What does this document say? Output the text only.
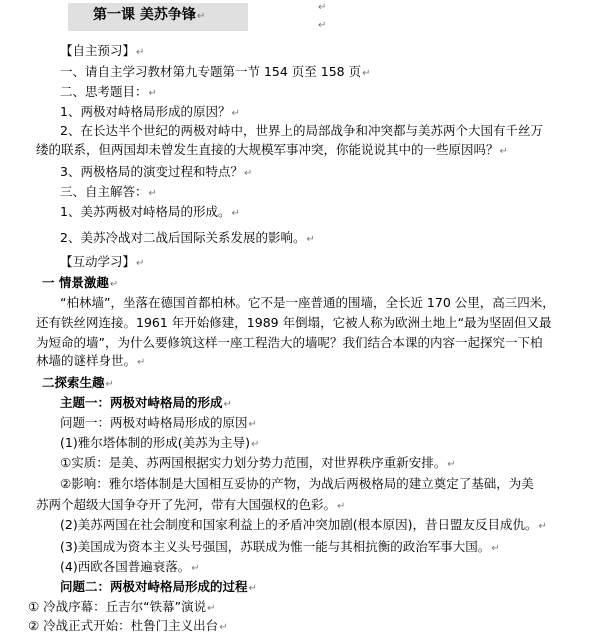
第一课 美苏争锋↵
↵
↵
【自主预习】↵
一、请自主学习教材第九专题第一节 154 页至 158 页↵
二、思考题目：↵
1、两极对峙格局形成的原因？↵
2、在长达半个世纪的两极对峙中，世界上的局部战争和冲突都与美苏两个大国有千丝万
缕的联系，但两国却未曾发生直接的大规模军事冲突，你能说说其中的一些原因吗？↵
3、两极格局的演变过程和特点？↵
三、自主解答：↵
1、美苏两极对峙格局的形成。↵
2、美苏冷战对二战后国际关系发展的影响。↵
【互动学习】↵
一 情景激趣↵
“柏林墙”，坐落在德国首都柏林。它不是一座普通的围墙，全长近 170 公里，高三四米，
还有铁丝网连接。1961 年开始修建，1989 年倒塌，它被人称为欧洲土地上“最为坚固但又最
为短命的墙”，为什么要修筑这样一座工程浩大的墙呢？我们结合本课的内容一起探究一下柏
林墙的谜样身世。↵
二探索生趣↵
主题一：两极对峙格局的形成↵
问题一：两极对峙格局形成的原因↵
(1)雅尔塔体制的形成(美苏为主导)↵
①实质：是美、苏两国根据实力划分势力范围，对世界秩序重新安排。↵
②影响：雅尔塔体制是大国相互妥协的产物，为战后两极格局的建立奠定了基础，为美
苏两个超级大国争夺开了先河，带有大国强权的色彩。↵
(2)美苏两国在社会制度和国家利益上的矛盾冲突加剧(根本原因)，昔日盟友反目成仇。↵
(3)美国成为资本主义头号强国，苏联成为惟一能与其相抗衡的政治军事大国。↵
(4)西欧各国普遍衰落。↵
问题二：两极对峙格局形成的过程↵
① 冷战序幕：丘吉尔“铁幕”演说↵
② 冷战正式开始：杜鲁门主义出台↵
